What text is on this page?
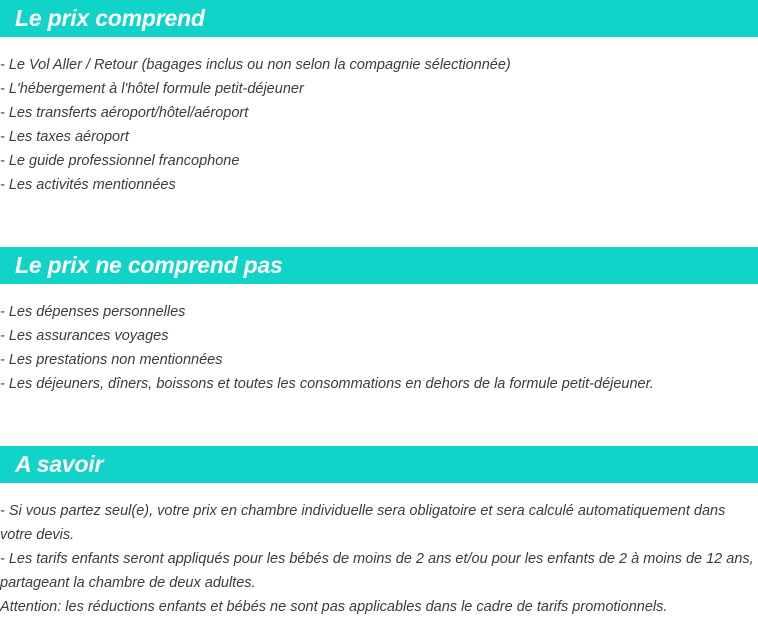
Le prix comprend
- Le Vol Aller / Retour (bagages inclus ou non selon la compagnie sélectionnée)
- L'hébergement à l'hôtel formule petit-déjeuner
- Les transferts aéroport/hôtel/aéroport
- Les taxes aéroport
- Le guide professionnel francophone
- Les activités mentionnées
Le prix ne comprend pas
- Les dépenses personnelles
- Les assurances voyages
- Les prestations non mentionnées
- Les déjeuners, dîners, boissons et toutes les consommations en dehors de la formule petit-déjeuner.
A savoir
- Si vous partez seul(e), votre prix en chambre individuelle sera obligatoire et sera calculé automatiquement dans votre devis.
- Les tarifs enfants seront appliqués pour les bébés de moins de 2 ans et/ou pour les enfants de 2 à moins de 12 ans, partageant la chambre de deux adultes.
Attention: les réductions enfants et bébés ne sont pas applicables dans le cadre de tarifs promotionnels.
